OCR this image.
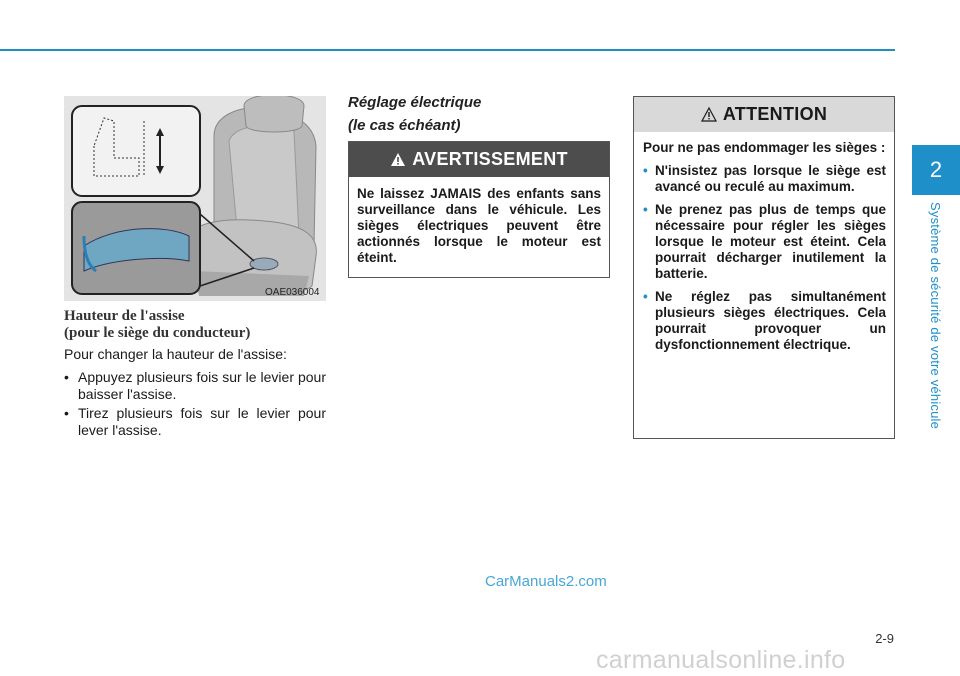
2
Système de sécurité de votre véhicule
OAE036004
Hauteur de l'assise
(pour le siège du conducteur)
Pour changer la hauteur de l'assise:
• Appuyez plusieurs fois sur le levier pour baisser l'assise.
• Tirez plusieurs fois sur le levier pour lever l'assise.
Réglage électrique
(le cas échéant)
AVERTISSEMENT
Ne laissez JAMAIS des enfants sans surveillance dans le véhicule. Les sièges électriques peuvent être actionnés lorsque le moteur est éteint.
ATTENTION
Pour ne pas endommager les sièges :
• N'insistez pas lorsque le siège est avancé ou reculé au maximum.
• Ne prenez pas plus de temps que nécessaire pour régler les sièges lorsque le moteur est éteint. Cela pourrait décharger inutilement la batterie.
• Ne réglez pas simultanément plusieurs sièges électriques. Cela pourrait provoquer un dysfonctionnement électrique.
2-9
CarManuals2.com
carmanualsonline.info
